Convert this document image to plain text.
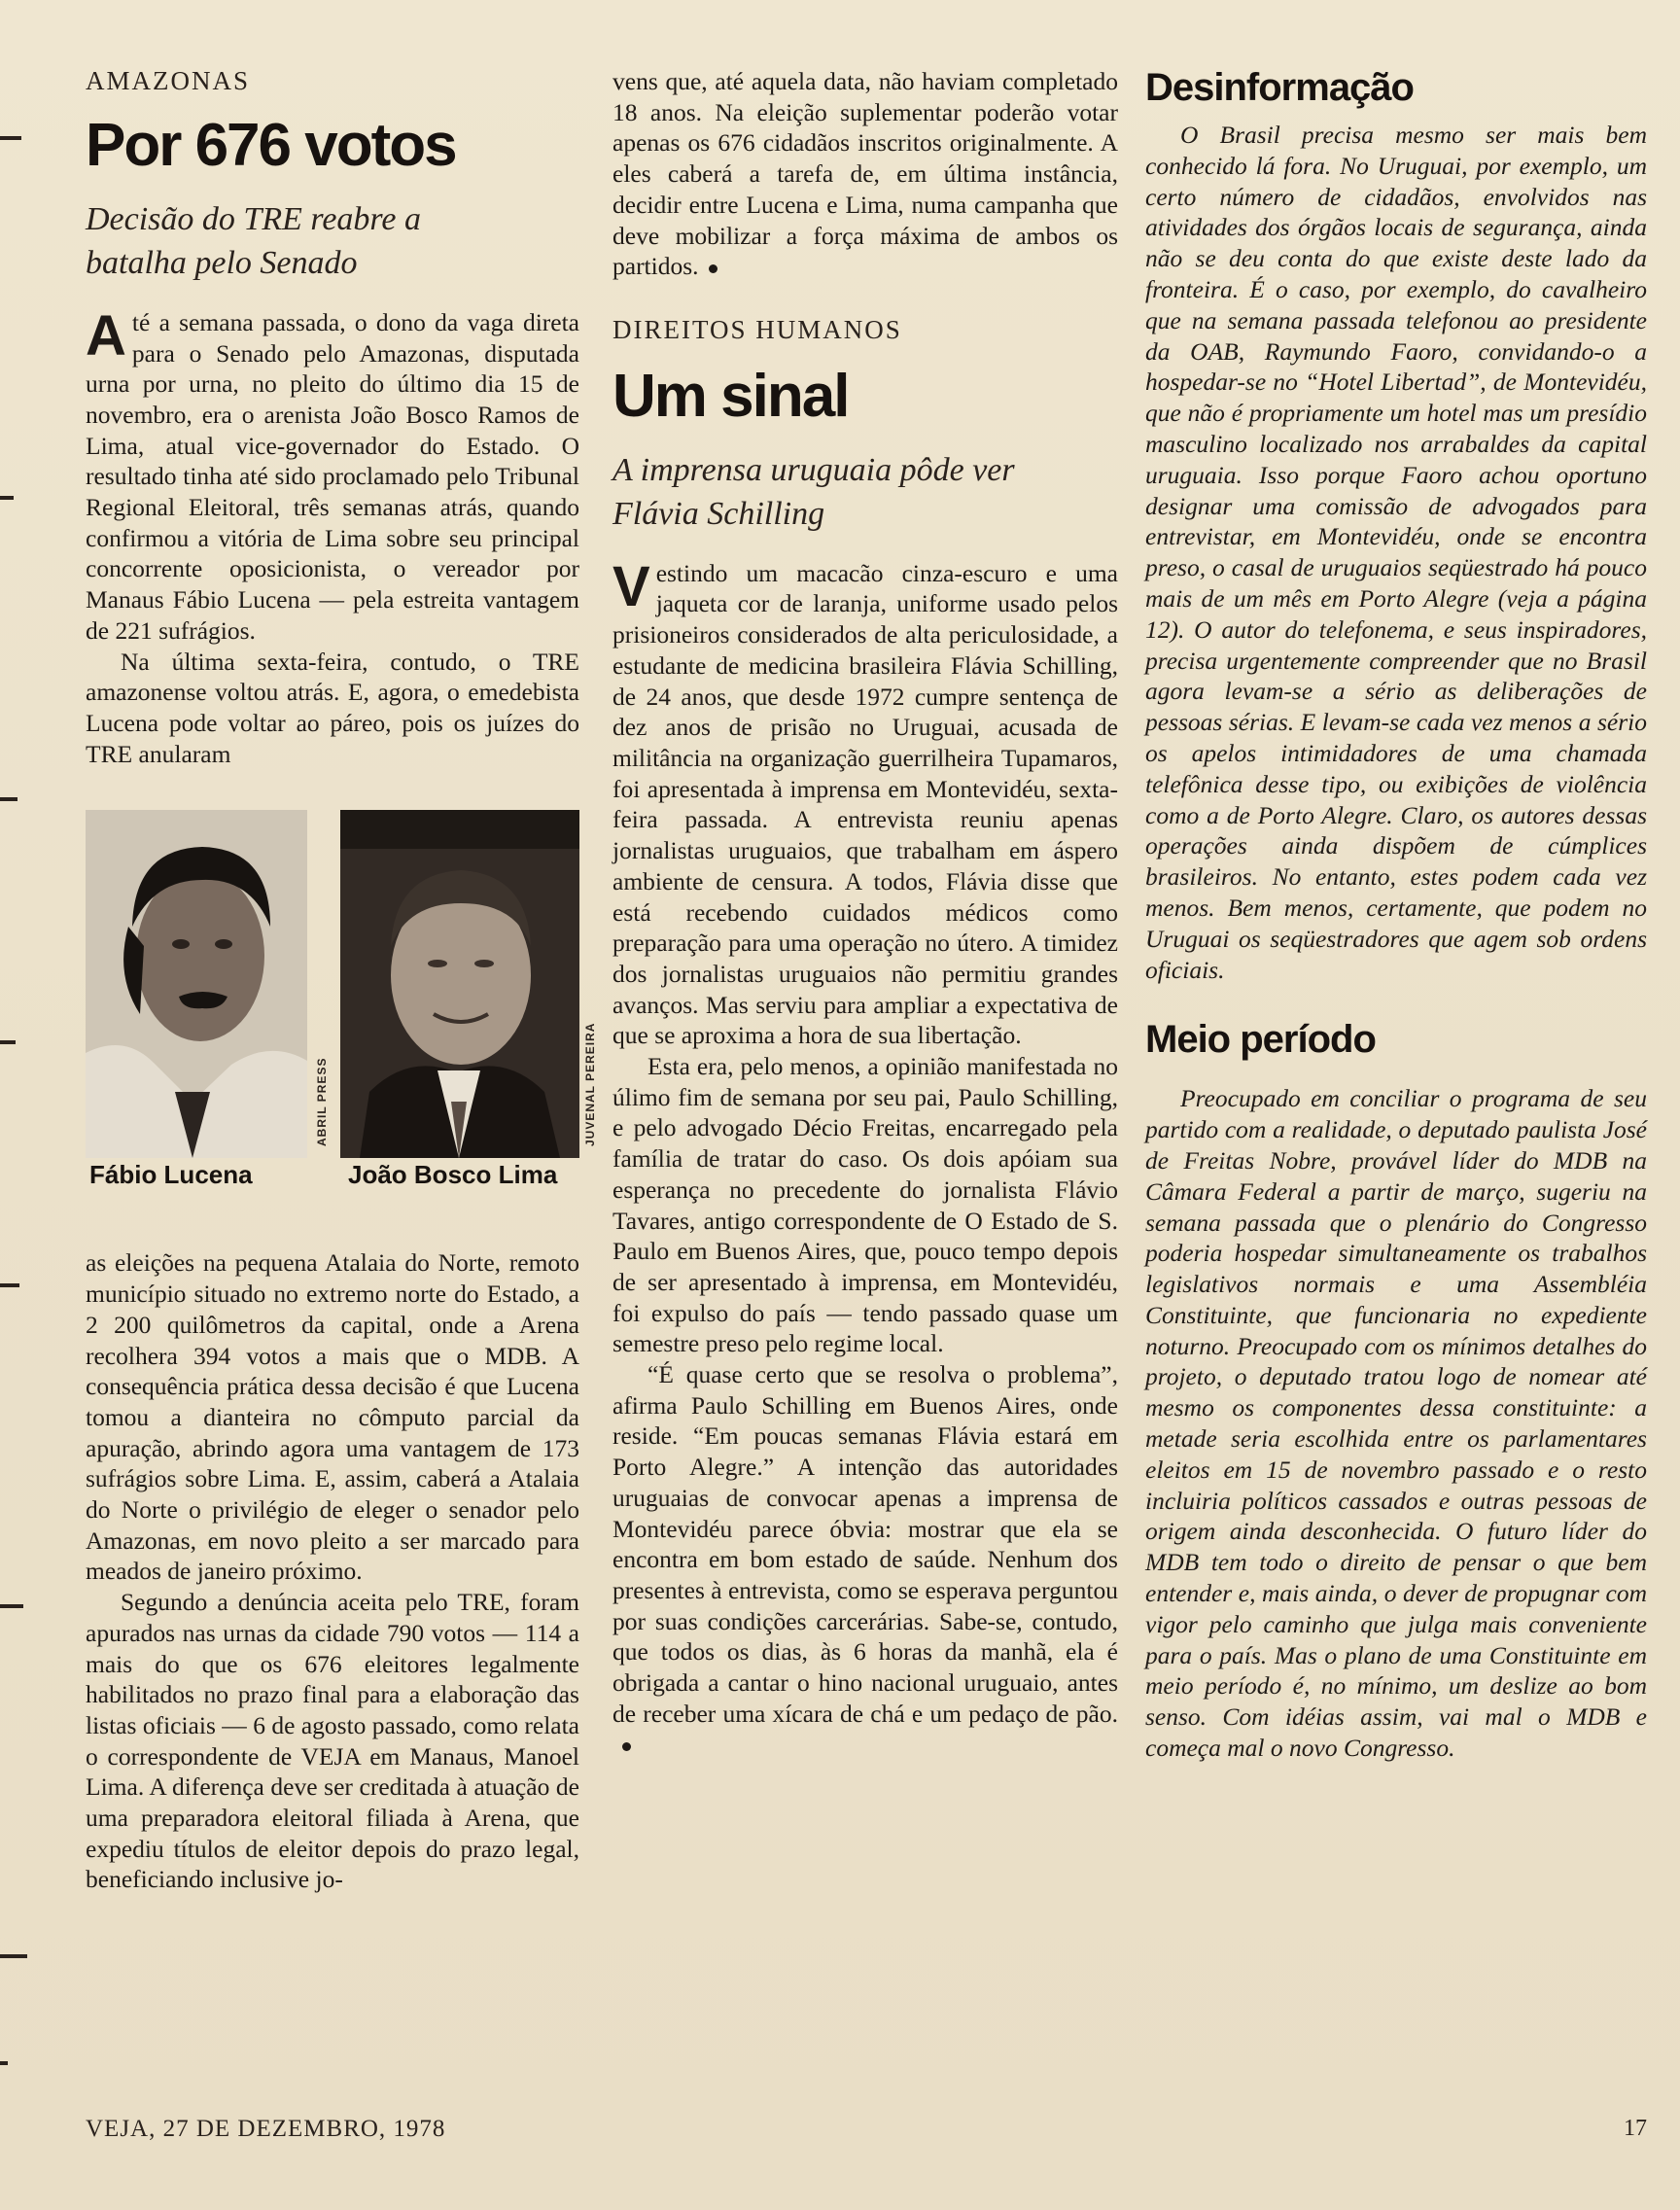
AMAZONAS
Por 676 votos
Decisão do TRE reabre a batalha pelo Senado

Até a semana passada, o dono da vaga direta para o Senado pelo Amazonas, disputada urna por urna, no pleito do último dia 15 de novembro, era o arenista João Bosco Ramos de Lima, atual vice-governador do Estado. O resultado tinha até sido proclamado pelo Tribunal Regional Eleitoral, três semanas atrás, quando confirmou a vitória de Lima sobre seu principal concorrente oposicionista, o vereador por Manaus Fábio Lucena — pela estreita vantagem de 221 sufrágios.

Na última sexta-feira, contudo, o TRE amazonense voltou atrás. E, agora, o emedebista Lucena pode voltar ao páreo, pois os juízes do TRE anularam

ABRIL PRESS	JUVENAL PEREIRA
Fábio Lucena	João Bosco Lima

as eleições na pequena Atalaia do Norte, remoto município situado no extremo norte do Estado, a 2 200 quilômetros da capital, onde a Arena recolhera 394 votos a mais que o MDB. A consequência prática dessa decisão é que Lucena tomou a dianteira no cômputo parcial da apuração, abrindo agora uma vantagem de 173 sufrágios sobre Lima. E, assim, caberá a Atalaia do Norte o privilégio de eleger o senador pelo Amazonas, em novo pleito a ser marcado para meados de janeiro próximo.

Segundo a denúncia aceita pelo TRE, foram apurados nas urnas da cidade 790 votos — 114 a mais do que os 676 eleitores legalmente habilitados no prazo final para a elaboração das listas oficiais — 6 de agosto passado, como relata o correspondente de VEJA em Manaus, Manoel Lima. A diferença deve ser creditada à atuação de uma preparadora eleitoral filiada à Arena, que expediu títulos de eleitor depois do prazo legal, beneficiando inclusive jo-

vens que, até aquela data, não haviam completado 18 anos. Na eleição suplementar poderão votar apenas os 676 cidadãos inscritos originalmente. A eles caberá a tarefa de, em última instância, decidir entre Lucena e Lima, numa campanha que deve mobilizar a força máxima de ambos os partidos.

DIREITOS HUMANOS
Um sinal
A imprensa uruguaia pôde ver Flávia Schilling

Vestindo um macacão cinza-escuro e uma jaqueta cor de laranja, uniforme usado pelos prisioneiros considerados de alta periculosidade, a estudante de medicina brasileira Flávia Schilling, de 24 anos, que desde 1972 cumpre sentença de dez anos de prisão no Uruguai, acusada de militância na organização guerrilheira Tupamaros, foi apresentada à imprensa em Montevidéu, sexta-feira passada. A entrevista reuniu apenas jornalistas uruguaios, que trabalham em áspero ambiente de censura. A todos, Flávia disse que está recebendo cuidados médicos como preparação para uma operação no útero. A timidez dos jornalistas uruguaios não permitiu grandes avanços. Mas serviu para ampliar a expectativa de que se aproxima a hora de sua libertação.

Esta era, pelo menos, a opinião manifestada no úlimo fim de semana por seu pai, Paulo Schilling, e pelo advogado Décio Freitas, encarregado pela família de tratar do caso. Os dois apóiam sua esperança no precedente do jornalista Flávio Tavares, antigo correspondente de O Estado de S. Paulo em Buenos Aires, que, pouco tempo depois de ser apresentado à imprensa, em Montevidéu, foi expulso do país — tendo passado quase um semestre preso pelo regime local.

“É quase certo que se resolva o problema”, afirma Paulo Schilling em Buenos Aires, onde reside. “Em poucas semanas Flávia estará em Porto Alegre.” A intenção das autoridades uruguaias de convocar apenas a imprensa de Montevidéu parece óbvia: mostrar que ela se encontra em bom estado de saúde. Nenhum dos presentes à entrevista, como se esperava perguntou por suas condições carcerárias. Sabe-se, contudo, que todos os dias, às 6 horas da manhã, ela é obrigada a cantar o hino nacional uruguaio, antes de receber uma xícara de chá e um pedaço de pão.

Desinformação

O Brasil precisa mesmo ser mais bem conhecido lá fora. No Uruguai, por exemplo, um certo número de cidadãos, envolvidos nas atividades dos órgãos locais de segurança, ainda não se deu conta do que existe deste lado da fronteira. É o caso, por exemplo, do cavalheiro que na semana passada telefonou ao presidente da OAB, Raymundo Faoro, convidando-o a hospedar-se no “Hotel Libertad”, de Montevidéu, que não é propriamente um hotel mas um presídio masculino localizado nos arrabaldes da capital uruguaia. Isso porque Faoro achou oportuno designar uma comissão de advogados para entrevistar, em Montevidéu, onde se encontra preso, o casal de uruguaios seqüestrado há pouco mais de um mês em Porto Alegre (veja a página 12). O autor do telefonema, e seus inspiradores, precisa urgentemente compreender que no Brasil agora levam-se a sério as deliberações de pessoas sérias. E levam-se cada vez menos a sério os apelos intimidadores de uma chamada telefônica desse tipo, ou exibições de violência como a de Porto Alegre. Claro, os autores dessas operações ainda dispõem de cúmplices brasileiros. No entanto, estes podem cada vez menos. Bem menos, certamente, que podem no Uruguai os seqüestradores que agem sob ordens oficiais.

Meio período

Preocupado em conciliar o programa de seu partido com a realidade, o deputado paulista José de Freitas Nobre, provável líder do MDB na Câmara Federal a partir de março, sugeriu na semana passada que o plenário do Congresso poderia hospedar simultaneamente os trabalhos legislativos normais e uma Assembléia Constituinte, que funcionaria no expediente noturno. Preocupado com os mínimos detalhes do projeto, o deputado tratou logo de nomear até mesmo os componentes dessa constituinte: a metade seria escolhida entre os parlamentares eleitos em 15 de novembro passado e o resto incluiria políticos cassados e outras pessoas de origem ainda desconhecida. O futuro líder do MDB tem todo o direito de pensar o que bem entender e, mais ainda, o dever de propugnar com vigor pelo caminho que julga mais conveniente para o país. Mas o plano de uma Constituinte em meio período é, no mínimo, um deslize ao bom senso. Com idéias assim, vai mal o MDB e começa mal o novo Congresso.

VEJA, 27 DE DEZEMBRO, 1978	17
